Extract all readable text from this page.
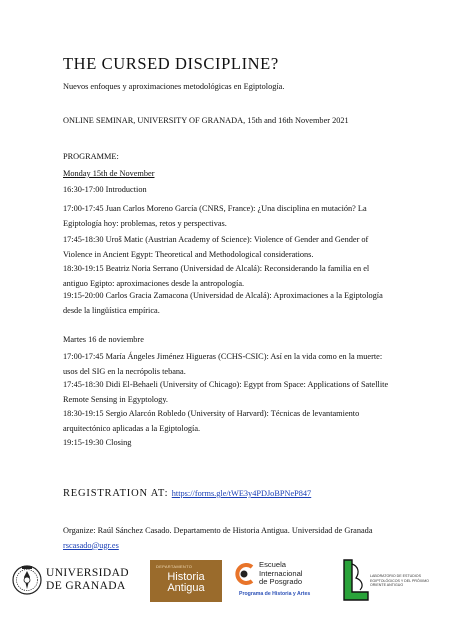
THE CURSED DISCIPLINE?
Nuevos enfoques y aproximaciones metodológicas en Egiptología.
ONLINE SEMINAR, UNIVERSITY OF GRANADA, 15th and 16th November 2021
PROGRAMME:
Monday 15th de November
16:30-17:00 Introduction
17:00-17:45 Juan Carlos Moreno García (CNRS, France): ¿Una disciplina en mutación? La Egiptología hoy: problemas, retos y perspectivas.
17:45-18:30 Uroš Matic (Austrian Academy of Science): Violence of Gender and Gender of Violence in Ancient Egypt: Theoretical and Methodological considerations.
18:30-19:15 Beatriz Noria Serrano (Universidad de Alcalá): Reconsiderando la familia en el antiguo Egipto: aproximaciones desde la antropología.
19:15-20:00 Carlos Gracia Zamacona (Universidad de Alcalá): Aproximaciones a la Egiptología desde la lingüística empírica.
Martes 16 de noviembre
17:00-17:45 María Ángeles Jiménez Higueras (CCHS-CSIC): Así en la vida como en la muerte: usos del SIG en la necrópolis tebana.
17:45-18:30 Didi El-Behaeli (University of Chicago): Egypt from Space: Applications of Satellite Remote Sensing in Egyptology.
18:30-19:15 Sergio Alarcón Robledo (University of Harvard): Técnicas de levantamiento arquitectónico aplicadas a la Egiptología.
19:15-19:30 Closing
REGISTRATION AT: https://forms.gle/tWE3y4PDJoBPNeP847
Organize: Raúl Sánchez Casado. Departamento de Historia Antigua. Universidad de Granada rscasado@ugr.es
UNIVERSIDAD
DE GRANADA
DEPARTAMENTO
Historia
Antigua
Escuela
Internacional
de Posgrado
Programa de Historia y Artes
LABORATORIO DE ESTUDIOS EGIPTOLÓGICOS Y DEL PRÓXIMO ORIENTE ANTIGUO
